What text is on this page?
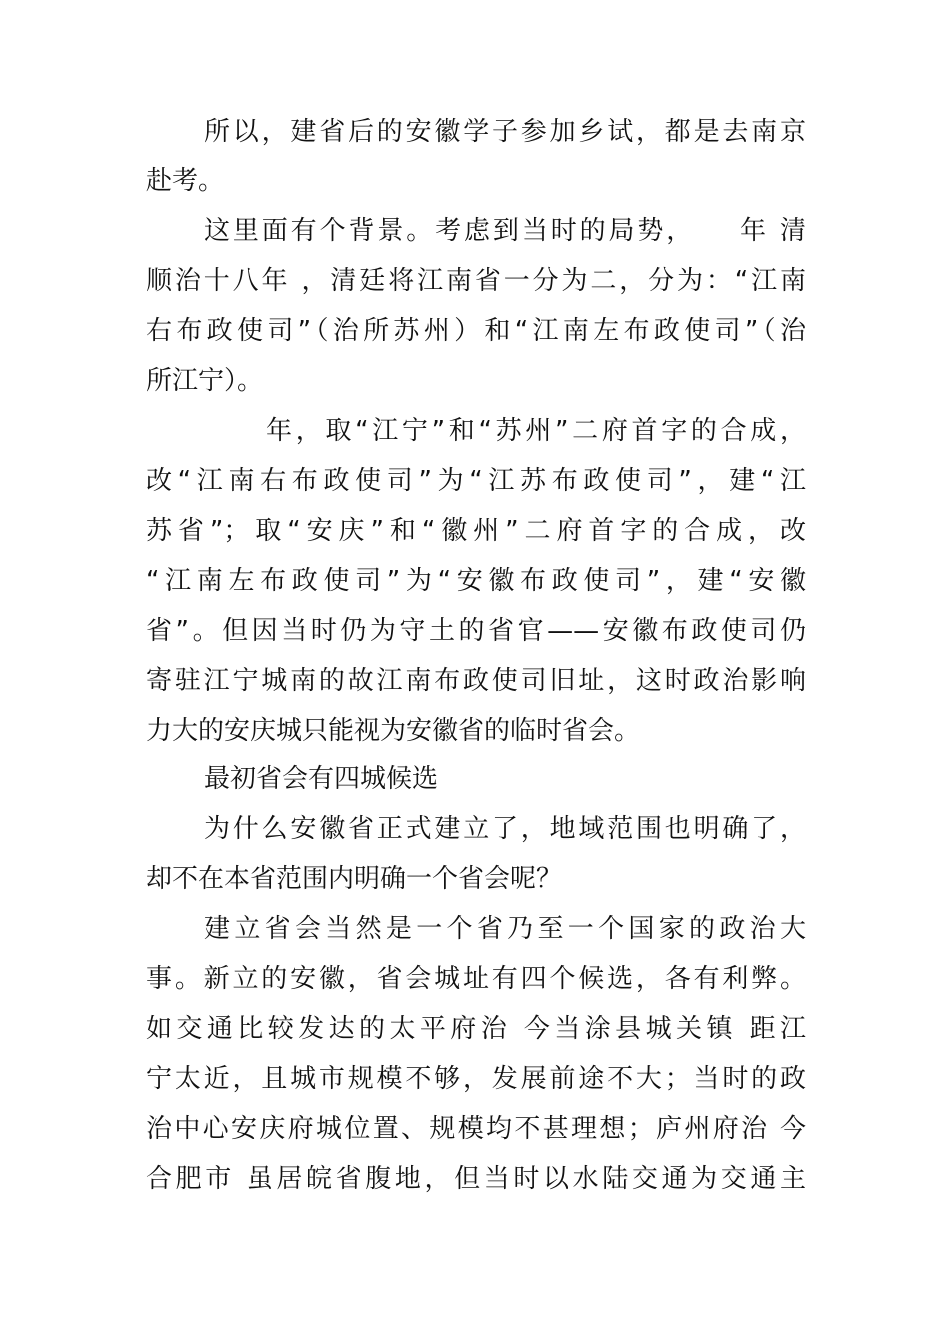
所以，建省后的安徽学子参加乡试，都是去南京
赴考。
这里面有个背景。考虑到当时的局势，　　年 清
顺治十八年 ，清廷将江南省一分为二，分为：“江南
右布政使司”（治所苏州）和“江南左布政使司”（治
所江宁）。
年，取“江宁”和“苏州”二府首字的合成，
改“江南右布政使司”为“江苏布政使司”，建“江
苏省”；取“安庆”和“徽州”二府首字的合成，改
“江南左布政使司”为“安徽布政使司”，建“安徽
省”。但因当时仍为守土的省官——安徽布政使司仍
寄驻江宁城南的故江南布政使司旧址，这时政治影响
力大的安庆城只能视为安徽省的临时省会。
最初省会有四城候选
为什么安徽省正式建立了，地域范围也明确了，
却不在本省范围内明确一个省会呢？
建立省会当然是一个省乃至一个国家的政治大
事。新立的安徽，省会城址有四个候选，各有利弊。
如交通比较发达的太平府治 今当涂县城关镇 距江
宁太近，且城市规模不够，发展前途不大；当时的政
治中心安庆府城位置、规模均不甚理想；庐州府治 今
合肥市 虽居皖省腹地，但当时以水陆交通为交通主
